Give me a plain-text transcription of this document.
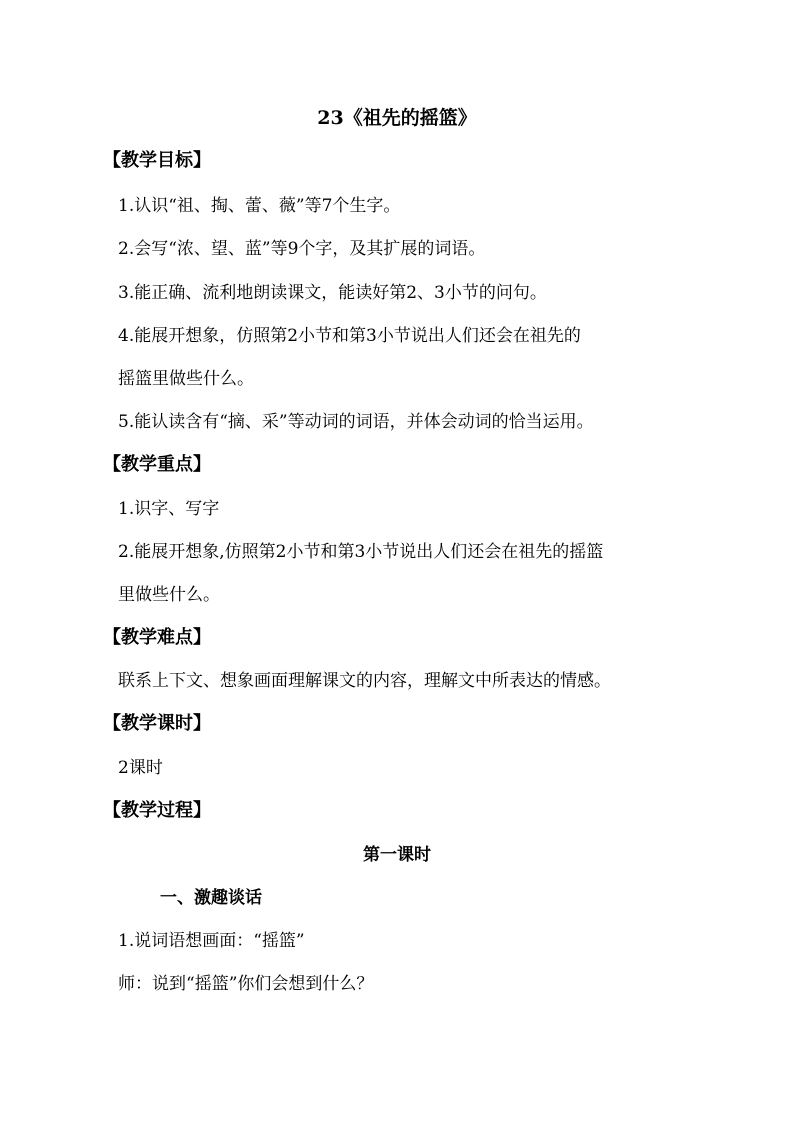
23《祖先的摇篮》
【教学目标】
1.认识“祖、掏、蕾、薇”等7个生字。
2.会写“浓、望、蓝”等9个字，及其扩展的词语。
3.能正确、流利地朗读课文，能读好第2、3小节的问句。
4.能展开想象，仿照第2小节和第3小节说出人们还会在祖先的
摇篮里做些什么。
5.能认读含有“摘、采”等动词的词语，并体会动词的恰当运用。
【教学重点】
1.识字、写字
2.能展开想象,仿照第2小节和第3小节说出人们还会在祖先的摇篮
里做些什么。
【教学难点】
联系上下文、想象画面理解课文的内容，理解文中所表达的情感。
【教学课时】
2课时
【教学过程】
第一课时
一、激趣谈话
1.说词语想画面：“摇篮”
师：说到“摇篮”你们会想到什么？
